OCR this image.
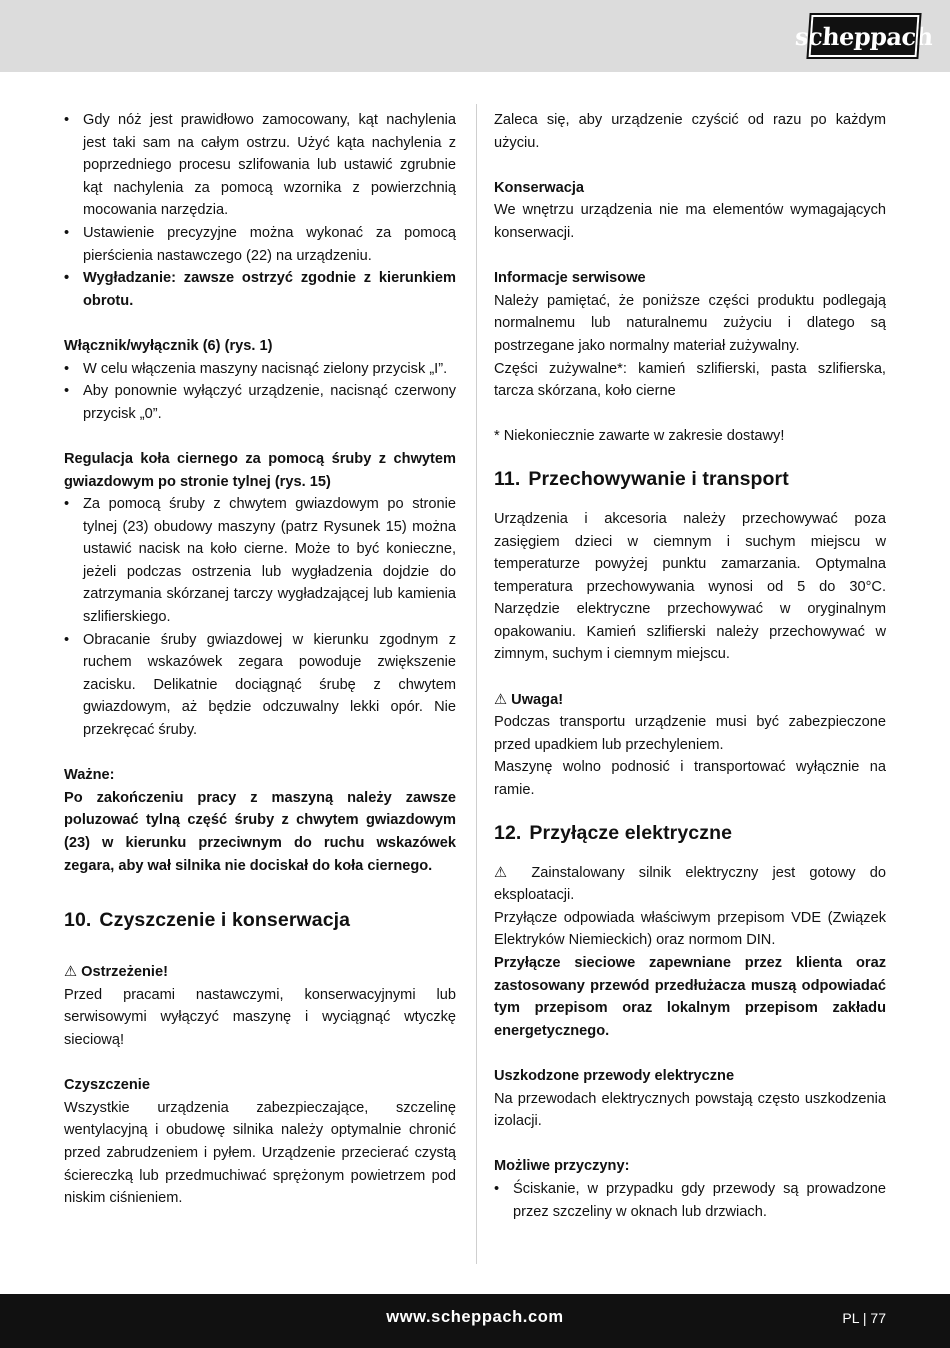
scheppach
• Gdy nóż jest prawidłowo zamocowany, kąt nachylenia jest taki sam na całym ostrzu. Użyć kąta nachylenia z poprzedniego procesu szlifowania lub ustawić zgrubnie kąt nachylenia za pomocą wzornika z powierzchnią mocowania narzędzia.
• Ustawienie precyzyjne można wykonać za pomocą pierścienia nastawczego (22) na urządzeniu.
• Wygładzanie: zawsze ostrzyć zgodnie z kierunkiem obrotu.

Włącznik/wyłącznik (6) (rys. 1)

• W celu włączenia maszyny nacisnąć zielony przycisk „I”.
• Aby ponownie wyłączyć urządzenie, nacisnąć czerwony przycisk „0”.

Regulacja koła ciernego za pomocą śruby z chwytem gwiazdowym po stronie tylnej (rys. 15)

• Za pomocą śruby z chwytem gwiazdowym po stronie tylnej (23) obudowy maszyny (patrz Rysunek 15) można ustawić nacisk na koło cierne. Może to być konieczne, jeżeli podczas ostrzenia lub wygładzenia dojdzie do zatrzymania skórzanej tarczy wygładzającej lub kamienia szlifierskiego.
• Obracanie śruby gwiazdowej w kierunku zgodnym z ruchem wskazówek zegara powoduje zwiększenie zacisku. Delikatnie dociągnąć śrubę z chwytem gwiazdowym, aż będzie odczuwalny lekki opór. Nie przekręcać śruby.

Ważne:

Po zakończeniu pracy z maszyną należy zawsze poluzować tylną część śruby z chwytem gwiazdowym (23) w kierunku przeciwnym do ruchu wskazówek zegara, aby wał silnika nie dociskał do koła ciernego.

10. Czyszczenie i konserwacja

⚠ Ostrzeżenie!

Przed pracami nastawczymi, konserwacyjnymi lub serwisowymi wyłączyć maszynę i wyciągnąć wtyczkę sieciową!

Czyszczenie

Wszystkie urządzenia zabezpieczające, szczelinę wentylacyjną i obudowę silnika należy optymalnie chronić przed zabrudzeniem i pyłem. Urządzenie przecierać czystą ściereczką lub przedmuchiwać sprężonym powietrzem pod niskim ciśnieniem.

Zaleca się, aby urządzenie czyścić od razu po każdym użyciu.

Konserwacja

We wnętrzu urządzenia nie ma elementów wymagających konserwacji.

Informacje serwisowe

Należy pamiętać, że poniższe części produktu podlegają normalnemu lub naturalnemu zużyciu i dlatego są postrzegane jako normalny materiał zużywalny.

Części zużywalne*: kamień szlifierski, pasta szlifierska, tarcza skórzana, koło cierne

* Niekoniecznie zawarte w zakresie dostawy!

11. Przechowywanie i transport

Urządzenia i akcesoria należy przechowywać poza zasięgiem dzieci w ciemnym i suchym miejscu w temperaturze powyżej punktu zamarzania. Optymalna temperatura przechowywania wynosi od 5 do 30°C. Narzędzie elektryczne przechowywać w oryginalnym opakowaniu. Kamień szlifierski należy przechowywać w zimnym, suchym i ciemnym miejscu.

⚠ Uwaga!

Podczas transportu urządzenie musi być zabezpieczone przed upadkiem lub przechyleniem.

Maszynę wolno podnosić i transportować wyłącznie na ramie.

12. Przyłącze elektryczne

⚠ Zainstalowany silnik elektryczny jest gotowy do eksploatacji.

Przyłącze odpowiada właściwym przepisom VDE (Związek Elektryków Niemieckich) oraz normom DIN.

Przyłącze sieciowe zapewniane przez klienta oraz zastosowany przewód przedłużacza muszą odpowiadać tym przepisom oraz lokalnym przepisom zakładu energetycznego.

Uszkodzone przewody elektryczne

Na przewodach elektrycznych powstają często uszkodzenia izolacji.

Możliwe przyczyny:

• Ściskanie, w przypadku gdy przewody są prowadzone przez szczeliny w oknach lub drzwiach.
www.scheppach.com	PL | 77
